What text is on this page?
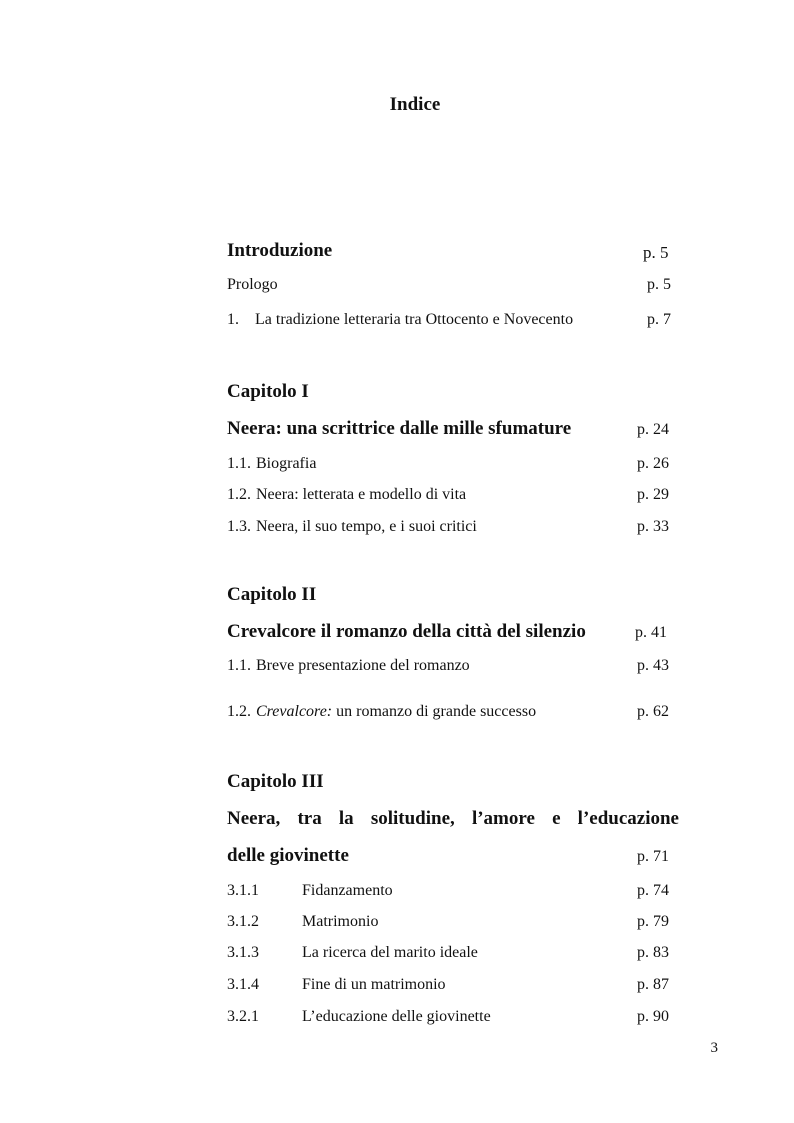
Indice
Introduzione	p. 5
Prologo	p. 5
1. La tradizione letteraria tra Ottocento e Novecento	p. 7
Capitolo I
Neera: una scrittrice dalle mille sfumature	p. 24
1.1. Biografia	p. 26
1.2. Neera: letterata e modello di vita	p. 29
1.3. Neera, il suo tempo, e i suoi critici	p. 33
Capitolo II
Crevalcore il romanzo della città del silenzio	p. 41
1.1. Breve presentazione del romanzo	p. 43
1.2. Crevalcore: un romanzo di grande successo	p. 62
Capitolo III
Neera, tra la solitudine, l’amore e l’educazione
delle giovinette	p. 71
3.1.1	Fidanzamento	p. 74
3.1.2	Matrimonio	p. 79
3.1.3	La ricerca del marito ideale	p. 83
3.1.4	Fine di un matrimonio	p. 87
3.2.1	L’educazione delle giovinette	p. 90
3
